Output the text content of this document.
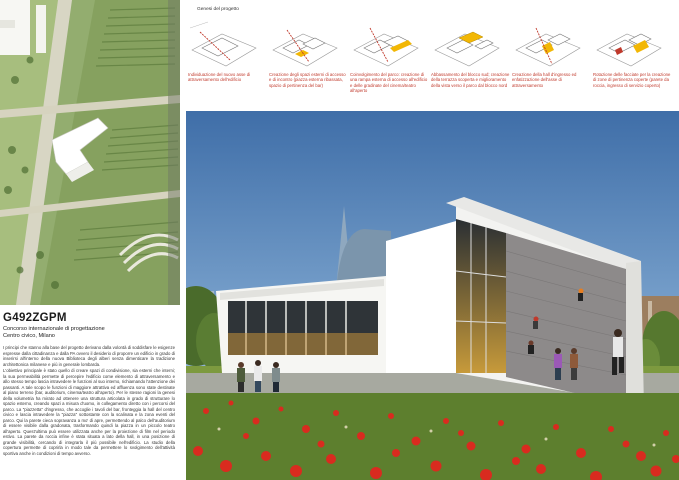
G492ZGPM

Concorso internazionale di progettazione

Centro civico, Milano

I principi che stanno alla base del progetto derivano dalla volontà di soddisfare le esigenze espresse dalla cittadinanza e dalla PA ovvero il desiderio di proporre un edificio in grado di inserirsi all'interno della nuova Biblioteca degli alberi senza dimenticare la tradizione architettonica milanese e più in generale lombarda.

L'obiettivo principale è stato quello di creare spazi di condivisione, sia esterni che interni; la sua permeabilità permette di percepire l'edificio come elemento di attraversamento e allo stesso tempo lascia intravedere le funzioni al suo interno, richiamando l'attenzione dei passanti. A tale scopo le funzioni di maggiore attrattiva ed affluenza sono state destinate al piano terreno (bar, auditorium, cinema/teatro all'aperto). Per le stesse ragioni la genesi della volumetria ha mirato ad ottenere una struttura articolata in grado di strutturare lo spazio esterno, creando spazi a misura d'uomo, in collegamento diretto con i percorsi del parco. La "piazzetta" d'ingresso, che accoglie i tavoli del bar, fronteggia la hall del centro civico e lascia intravedere la "piazza" sottostante con la scalinata e la zona eventi del parco. Qui la parete cieca sopravanza a mo' di apre, permettendo al palco dell'auditorium di essere visibile dalla gradonata, trasformando quindi la piazza in un piccolo teatro all'aperto. Quest'ultima può essere utilizzata anche per la proiezione di film nel periodo estivo. La parete da roccia infine è stata situata a lato della hall, in una posizione di grande visibilità, cercando di integrarla il più possibile nell'edificio. La studio della copertura permette di coprirla in modo tale da permettere lo svolgimento dell'attività sportiva anche in condizioni di tempo avverso.

Genesi del progetto
Individuazione del nuovo asse di attraversamento dell'edificio
Creazione degli spazi esterni di accesso e di incontro (piazza esterna ribassata, spazio di pertinenza del bar)
Coinvolgimento del parco: creazione di una rampa esterna di accesso all'edificio e delle gradinate del cinema/teatro all'aperto
Abbassamento del blocco sud; creazione della terrazza scoperta e miglioramento della vista verso il parco dal blocco nord
Creazione della hall d'ingresso ed enfatizzazione dell'asse di attraversamento
Rotazione delle facciate per la creazione di zone di pertinenza coperte (parete da roccia, ingresso di servizio coperto)
